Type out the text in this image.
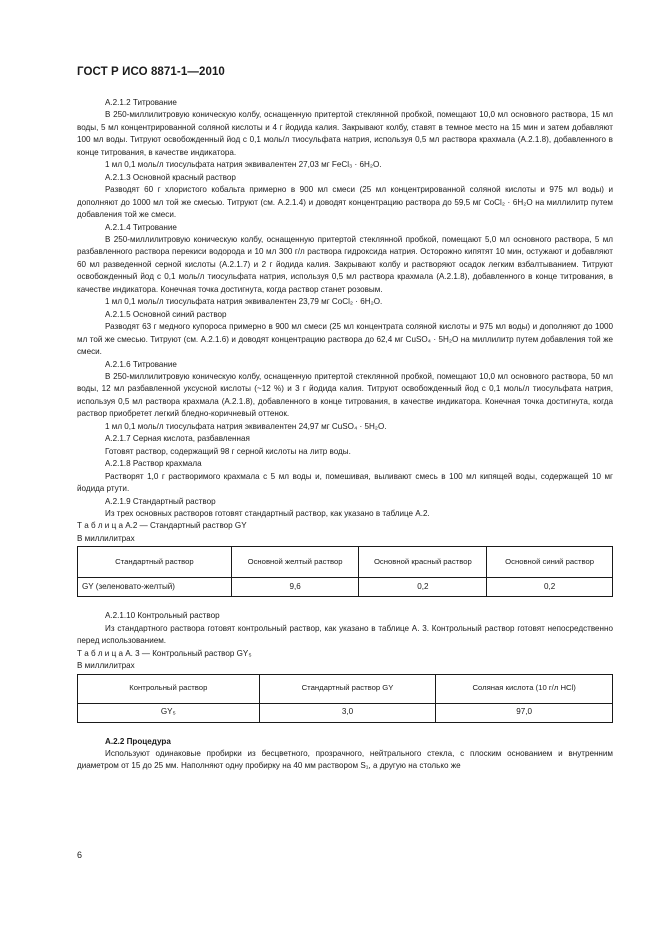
ГОСТ Р ИСО 8871-1—2010

А.2.1.2 Титрование

В 250-миллилитровую коническую колбу, оснащенную притертой стеклянной пробкой, помещают 10,0 мл основного раствора, 15 мл воды, 5 мл концентрированной соляной кислоты и 4 г йодида калия. Закрывают колбу, ставят в темное место на 15 мин и затем добавляют 100 мл воды. Титруют освобожденный йод с 0,1 моль/л тиосульфата натрия, используя 0,5 мл раствора крахмала (А.2.1.8), добавленного в конце титрования, в качестве индикатора.

1 мл 0,1 моль/л тиосульфата натрия эквивалентен 27,03 мг FeCl₃ · 6H₂O.

А.2.1.3 Основной красный раствор

Разводят 60 г хлористого кобальта примерно в 900 мл смеси (25 мл концентрированной соляной кислоты и 975 мл воды) и дополняют до 1000 мл той же смесью. Титруют (см. А.2.1.4) и доводят концентрацию раствора до 59,5 мг CoCl₂ · 6H₂O на миллилитр путем добавления той же смеси.

А.2.1.4 Титрование

В 250-миллилитровую коническую колбу, оснащенную притертой стеклянной пробкой, помещают 5,0 мл основного раствора, 5 мл разбавленного раствора перекиси водорода и 10 мл 300 г/л раствора гидроксида натрия. Осторожно кипятят 10 мин, остужают и добавляют 60 мл разведенной серной кислоты (А.2.1.7) и 2 г йодида калия. Закрывают колбу и растворяют осадок легким взбалтыванием. Титруют освобожденный йод с 0,1 моль/л тиосульфата натрия, используя 0,5 мл раствора крахмала (А.2.1.8), добавленного в конце титрования, в качестве индикатора. Конечная точка достигнута, когда раствор станет розовым.

1 мл 0,1 моль/л тиосульфата натрия эквивалентен 23,79 мг CoCl₂ · 6H₂O.

А.2.1.5 Основной синий раствор

Разводят 63 г медного купороса примерно в 900 мл смеси (25 мл концентрата соляной кислоты и 975 мл воды) и дополняют до 1000 мл той же смесью. Титруют (см. А.2.1.6) и доводят концентрацию раствора до 62,4 мг CuSO₄ · 5H₂O на миллилитр путем добавления той же смеси.

А.2.1.6 Титрование

В 250-миллилитровую коническую колбу, оснащенную притертой стеклянной пробкой, помещают 10,0 мл основного раствора, 50 мл воды, 12 мл разбавленной уксусной кислоты (~12 %) и 3 г йодида калия. Титруют освобожденный йод с 0,1 моль/л тиосульфата натрия, используя 0,5 мл раствора крахмала (А.2.1.8), добавленного в конце титрования, в качестве индикатора. Конечная точка достигнута, когда раствор приобретет легкий бледно-коричневый оттенок.

1 мл 0,1 моль/л тиосульфата натрия эквивалентен 24,97 мг CuSO₄ · 5H₂O.

А.2.1.7 Серная кислота, разбавленная

Готовят раствор, содержащий 98 г серной кислоты на литр воды.

А.2.1.8 Раствор крахмала

Растворят 1,0 г растворимого крахмала с 5 мл воды и, помешивая, выливают смесь в 100 мл кипящей воды, содержащей 10 мг йодида ртути.

А.2.1.9 Стандартный раствор

Из трех основных растворов готовят стандартный раствор, как указано в таблице А.2.

Т а б л и ц а А.2 — Стандартный раствор GY

В миллилитрах

Стандартный раствор	Основной желтый раствор	Основной красный раствор	Основной синий раствор
GY (зеленовато-желтый)	9,6	0,2	0,2

А.2.1.10 Контрольный раствор

Из стандартного раствора готовят контрольный раствор, как указано в таблице А. 3. Контрольный раствор готовят непосредственно перед использованием.

Т а б л и ц а А. 3 — Контрольный раствор GY₅

В миллилитрах

Контрольный раствор	Стандартный раствор GY	Соляная кислота (10 г/л HCl)
GY₅	3,0	97,0

А.2.2 Процедура

Используют одинаковые пробирки из бесцветного, прозрачного, нейтрального стекла, с плоским основанием и внутренним диаметром от 15 до 25 мм. Наполняют одну пробирку на 40 мм раствором S₁, а другую на столько же

6
